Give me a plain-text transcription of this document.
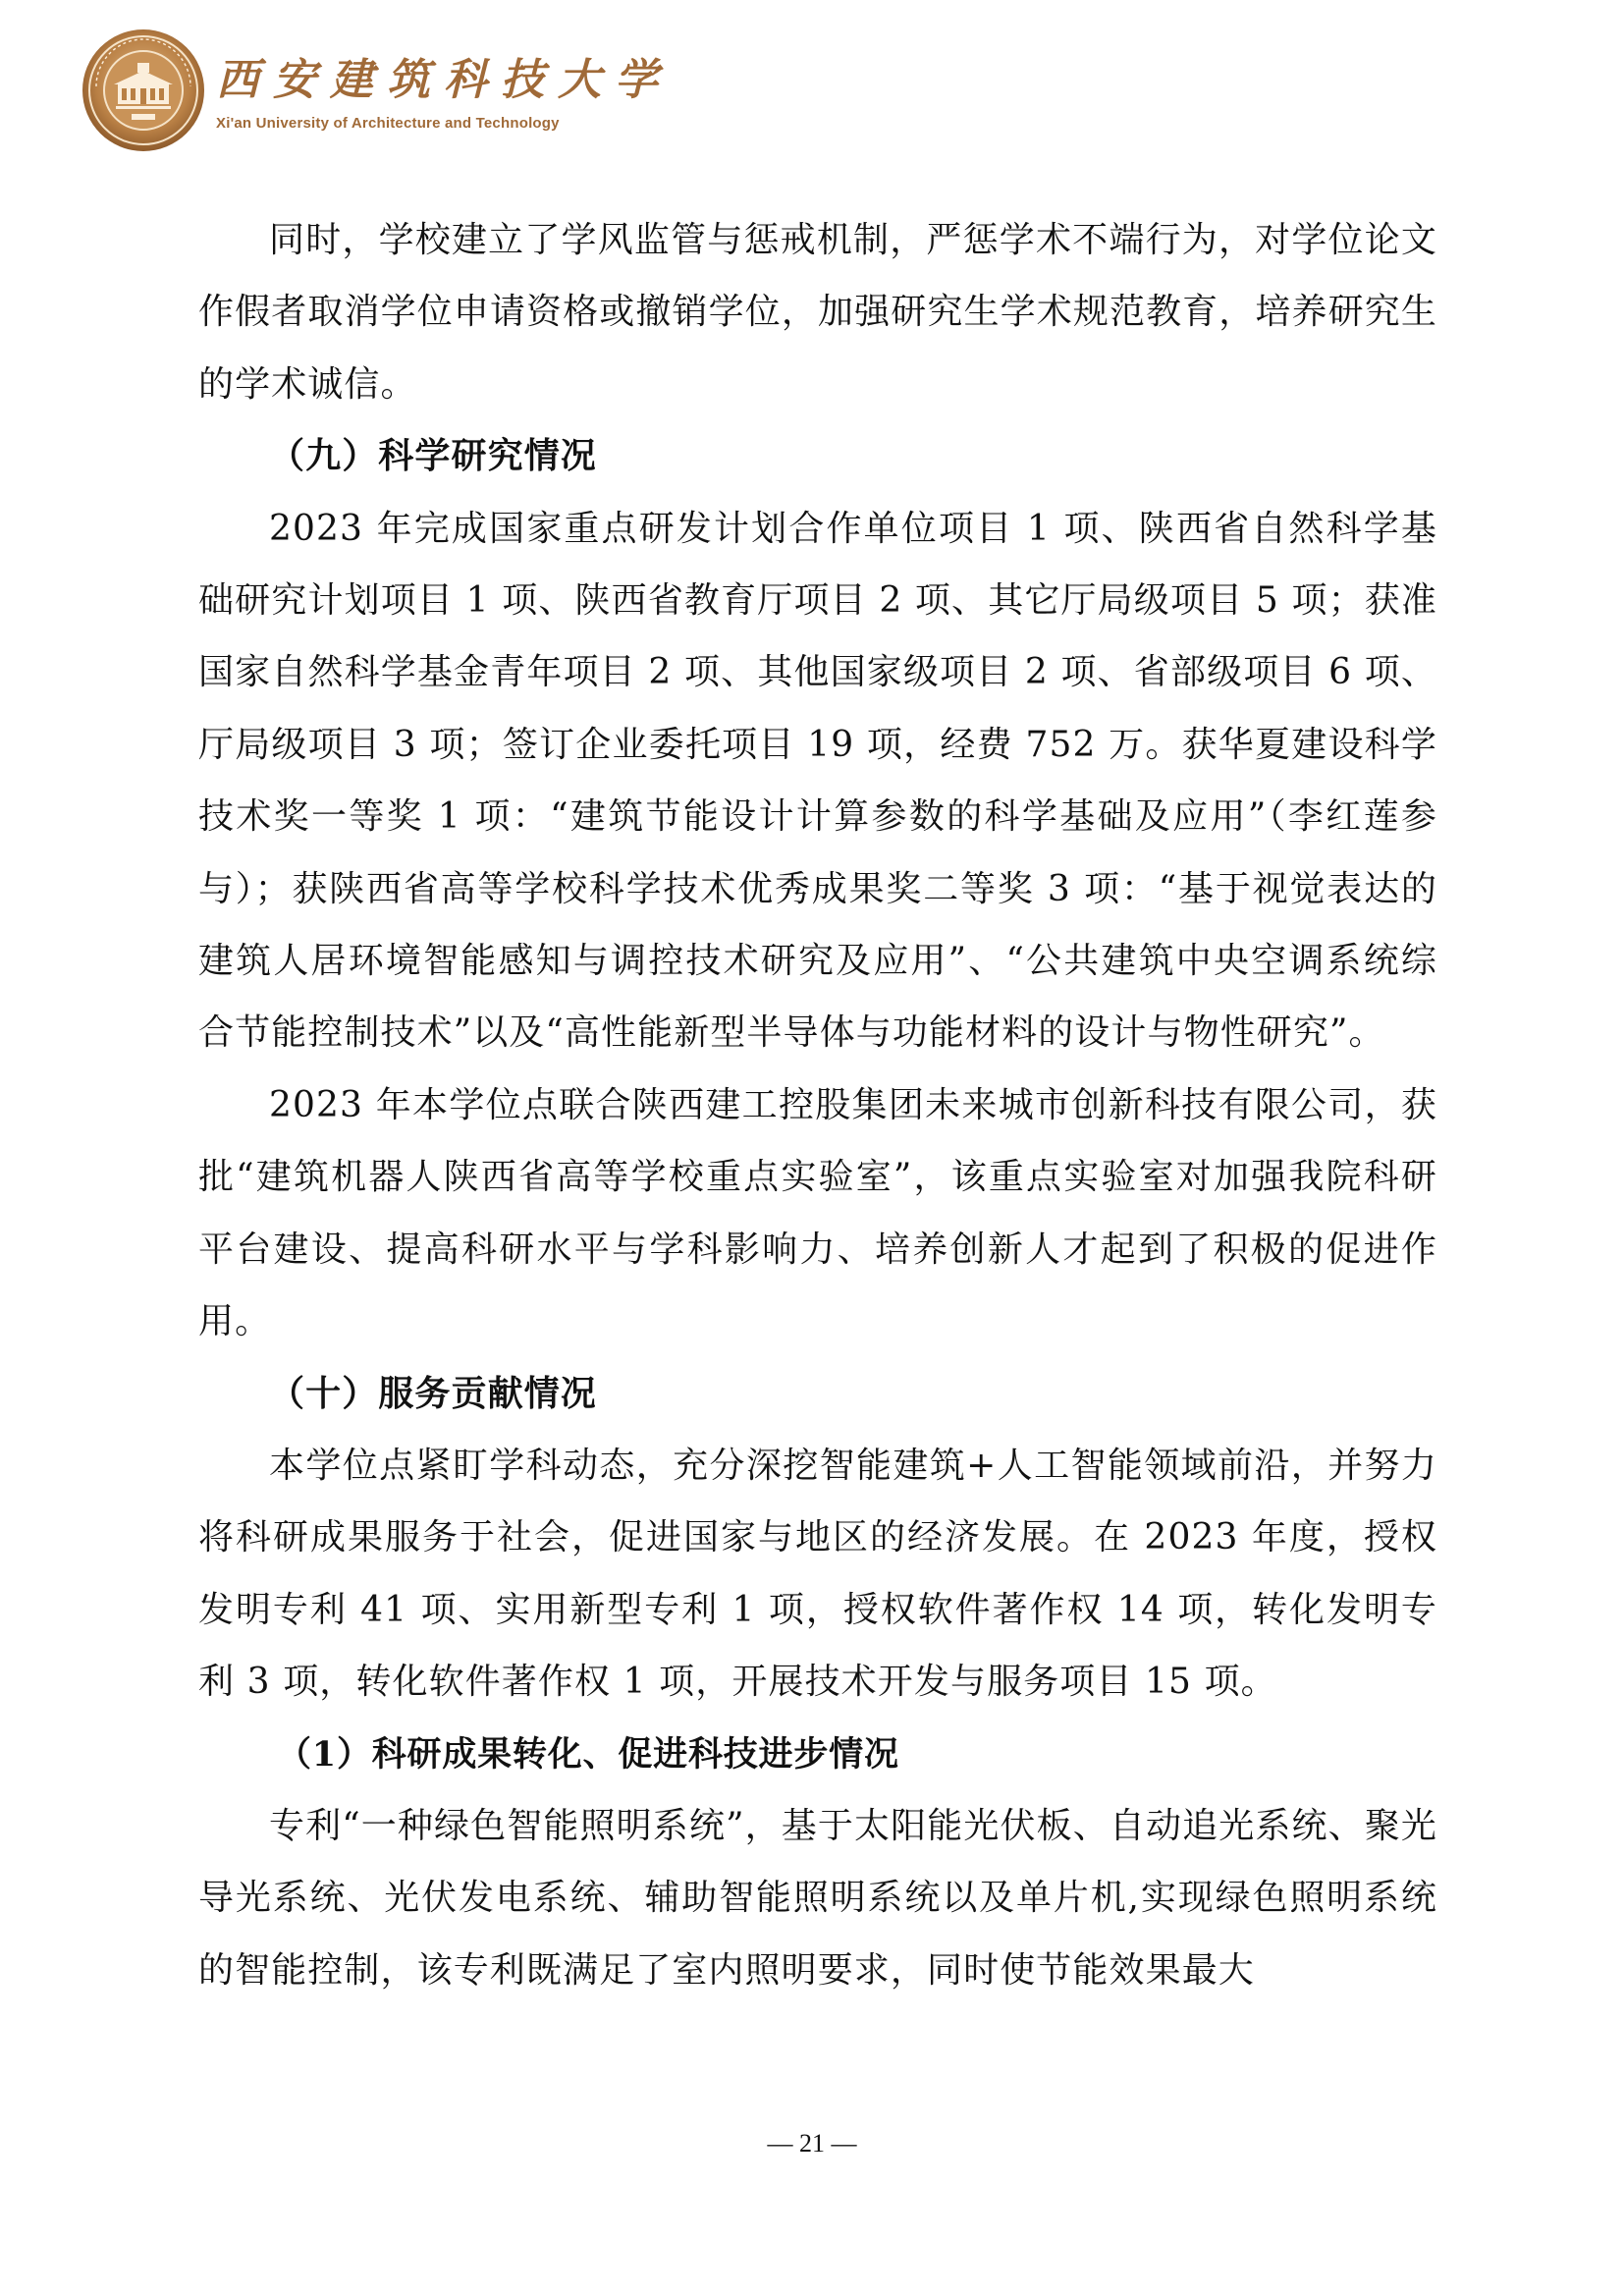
西安建筑科技大学
Xi'an University of Architecture and Technology

同时，学校建立了学风监管与惩戒机制，严惩学术不端行为，对学位论文作假者取消学位申请资格或撤销学位，加强研究生学术规范教育，培养研究生的学术诚信。

（九）科学研究情况

2023 年完成国家重点研发计划合作单位项目 1 项、陕西省自然科学基础研究计划项目 1 项、陕西省教育厅项目 2 项、其它厅局级项目 5 项；获准国家自然科学基金青年项目 2 项、其他国家级项目 2 项、省部级项目 6 项、厅局级项目 3 项；签订企业委托项目 19 项，经费 752 万。获华夏建设科学技术奖一等奖 1 项：“建筑节能设计计算参数的科学基础及应用”（李红莲参与）；获陕西省高等学校科学技术优秀成果奖二等奖 3 项：“基于视觉表达的建筑人居环境智能感知与调控技术研究及应用”、“公共建筑中央空调系统综合节能控制技术”以及“高性能新型半导体与功能材料的设计与物性研究”。

2023 年本学位点联合陕西建工控股集团未来城市创新科技有限公司，获批“建筑机器人陕西省高等学校重点实验室”，该重点实验室对加强我院科研平台建设、提高科研水平与学科影响力、培养创新人才起到了积极的促进作用。

（十）服务贡献情况

本学位点紧盯学科动态，充分深挖智能建筑+人工智能领域前沿，并努力将科研成果服务于社会，促进国家与地区的经济发展。在 2023 年度，授权发明专利 41 项、实用新型专利 1 项，授权软件著作权 14 项，转化发明专利 3 项，转化软件著作权 1 项，开展技术开发与服务项目 15 项。

（1）科研成果转化、促进科技进步情况

专利“一种绿色智能照明系统”，基于太阳能光伏板、自动追光系统、聚光导光系统、光伏发电系统、辅助智能照明系统以及单片机,实现绿色照明系统的智能控制，该专利既满足了室内照明要求，同时使节能效果最大

— 21 —
